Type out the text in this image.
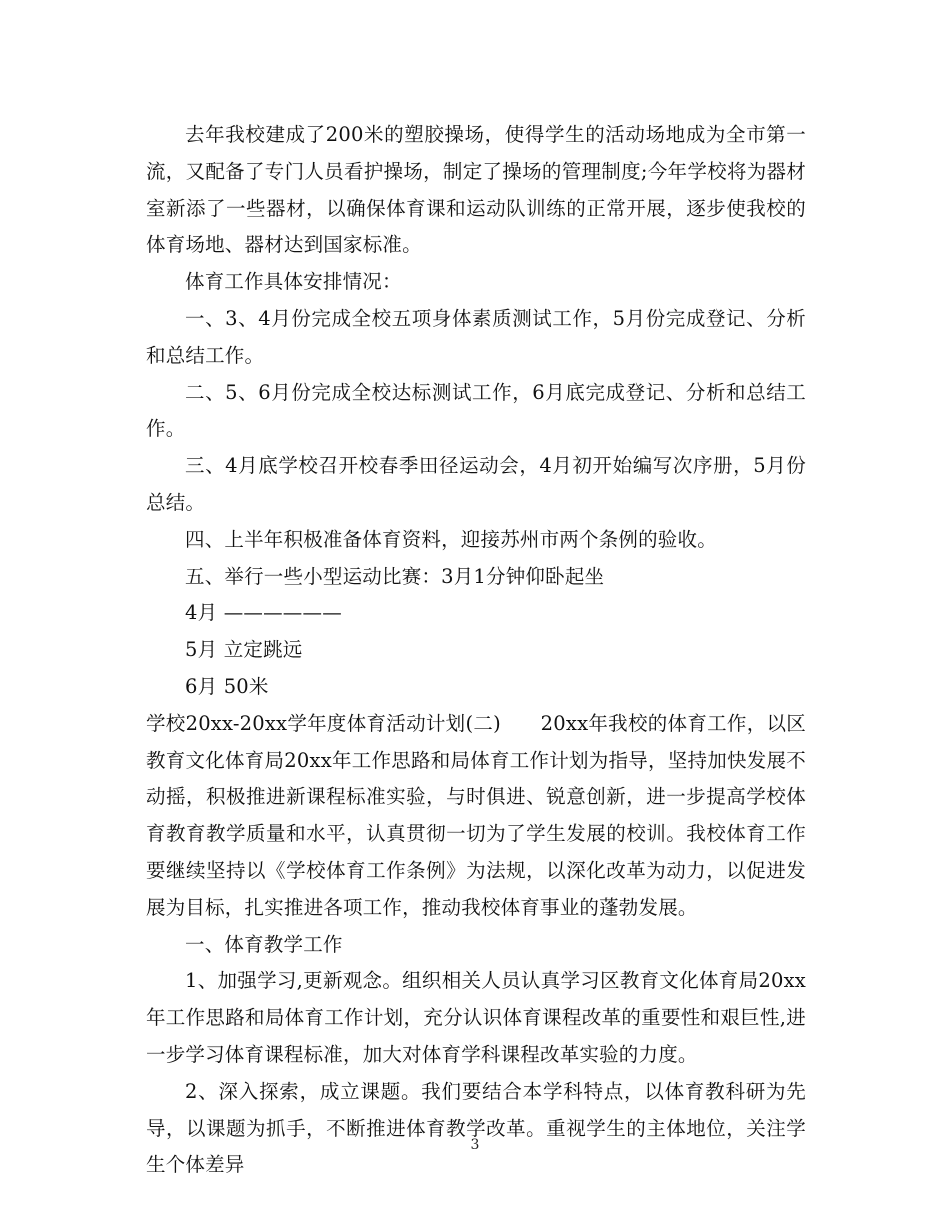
去年我校建成了200米的塑胶操场，使得学生的活动场地成为全市第一流，又配备了专门人员看护操场，制定了操场的管理制度;今年学校将为器材室新添了一些器材，以确保体育课和运动队训练的正常开展，逐步使我校的体育场地、器材达到国家标准。

体育工作具体安排情况：

一、3、4月份完成全校五项身体素质测试工作，5月份完成登记、分析和总结工作。

二、5、6月份完成全校达标测试工作，6月底完成登记、分析和总结工作。

三、4月底学校召开校春季田径运动会，4月初开始编写次序册，5月份总结。

四、上半年积极准备体育资料，迎接苏州市两个条例的验收。

五、举行一些小型运动比赛：3月1分钟仰卧起坐

4月 ——————

5月 立定跳远

6月 50米

学校20xx-20xx学年度体育活动计划(二)　　20xx年我校的体育工作，以区教育文化体育局20xx年工作思路和局体育工作计划为指导，坚持加快发展不动摇，积极推进新课程标准实验，与时俱进、锐意创新，进一步提高学校体育教育教学质量和水平，认真贯彻一切为了学生发展的校训。我校体育工作要继续坚持以《学校体育工作条例》为法规，以深化改革为动力，以促进发展为目标，扎实推进各项工作，推动我校体育事业的蓬勃发展。

一、体育教学工作

1、加强学习,更新观念。组织相关人员认真学习区教育文化体育局20xx年工作思路和局体育工作计划，充分认识体育课程改革的重要性和艰巨性,进一步学习体育课程标准，加大对体育学科课程改革实验的力度。

2、深入探索，成立课题。我们要结合本学科特点，以体育教科研为先导，以课题为抓手，不断推进体育教学改革。重视学生的主体地位，关注学生个体差异

3
